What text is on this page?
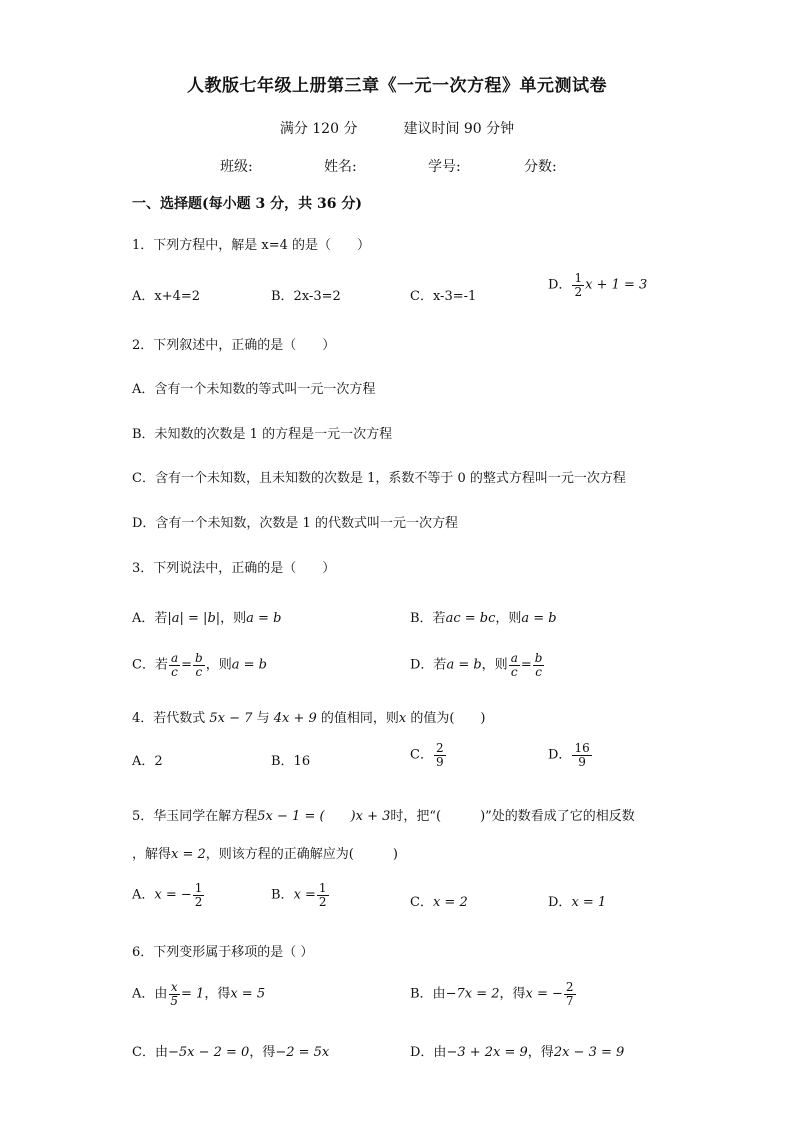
人教版七年级上册第三章《一元一次方程》单元测试卷
满分 120 分	建议时间 90 分钟
班级:	姓名:	学号:	分数:
一、选择题(每小题 3 分，共 36 分)
1．下列方程中，解是 x=4 的是（　　）
A．x+4=2	B．2x-3=2	C．x-3=-1
D． $\frac{1}{2}$ x + 1 = 3
2．下列叙述中，正确的是（　　）
A．含有一个未知数的等式叫一元一次方程
B．未知数的次数是 1 的方程是一元一次方程
C．含有一个未知数，且未知数的次数是 1，系数不等于 0 的整式方程叫一元一次方程
D．含有一个未知数，次数是 1 的代数式叫一元一次方程
3．下列说法中，正确的是（　　）
A．若|a| = |b|，则a = b	B．若ac = bc，则a = b
C．若 $\frac{a}{c} = \frac{b}{c}$ ，则a = b	D．若a = b，则 $\frac{a}{c} = \frac{b}{c}$
4．若代数式 5x − 7 与 4x + 9 的值相同，则x 的值为(　　)
A．2	B．16	C． $\frac{2}{9}$	D． $\frac{16}{9}$
5．华玉同学在解方程5x − 1 = (　　)x + 3时，把“(　　　)”处的数看成了它的相反数
，解得x = 2，则该方程的正确解应为(　　　)
A．x = − $\frac{1}{2}$	B．$x = \frac{1}{2}$	C．x = 2	D．x = 1
6．下列变形属于移项的是（ ）
A．由 $\frac{x}{5} = 1$，得x = 5	B．由−7x = 2，得x = − $\frac{2}{7}$
C．由−5x − 2 = 0，得−2 = 5x	D．由−3 + 2x = 9，得2x − 3 = 9
